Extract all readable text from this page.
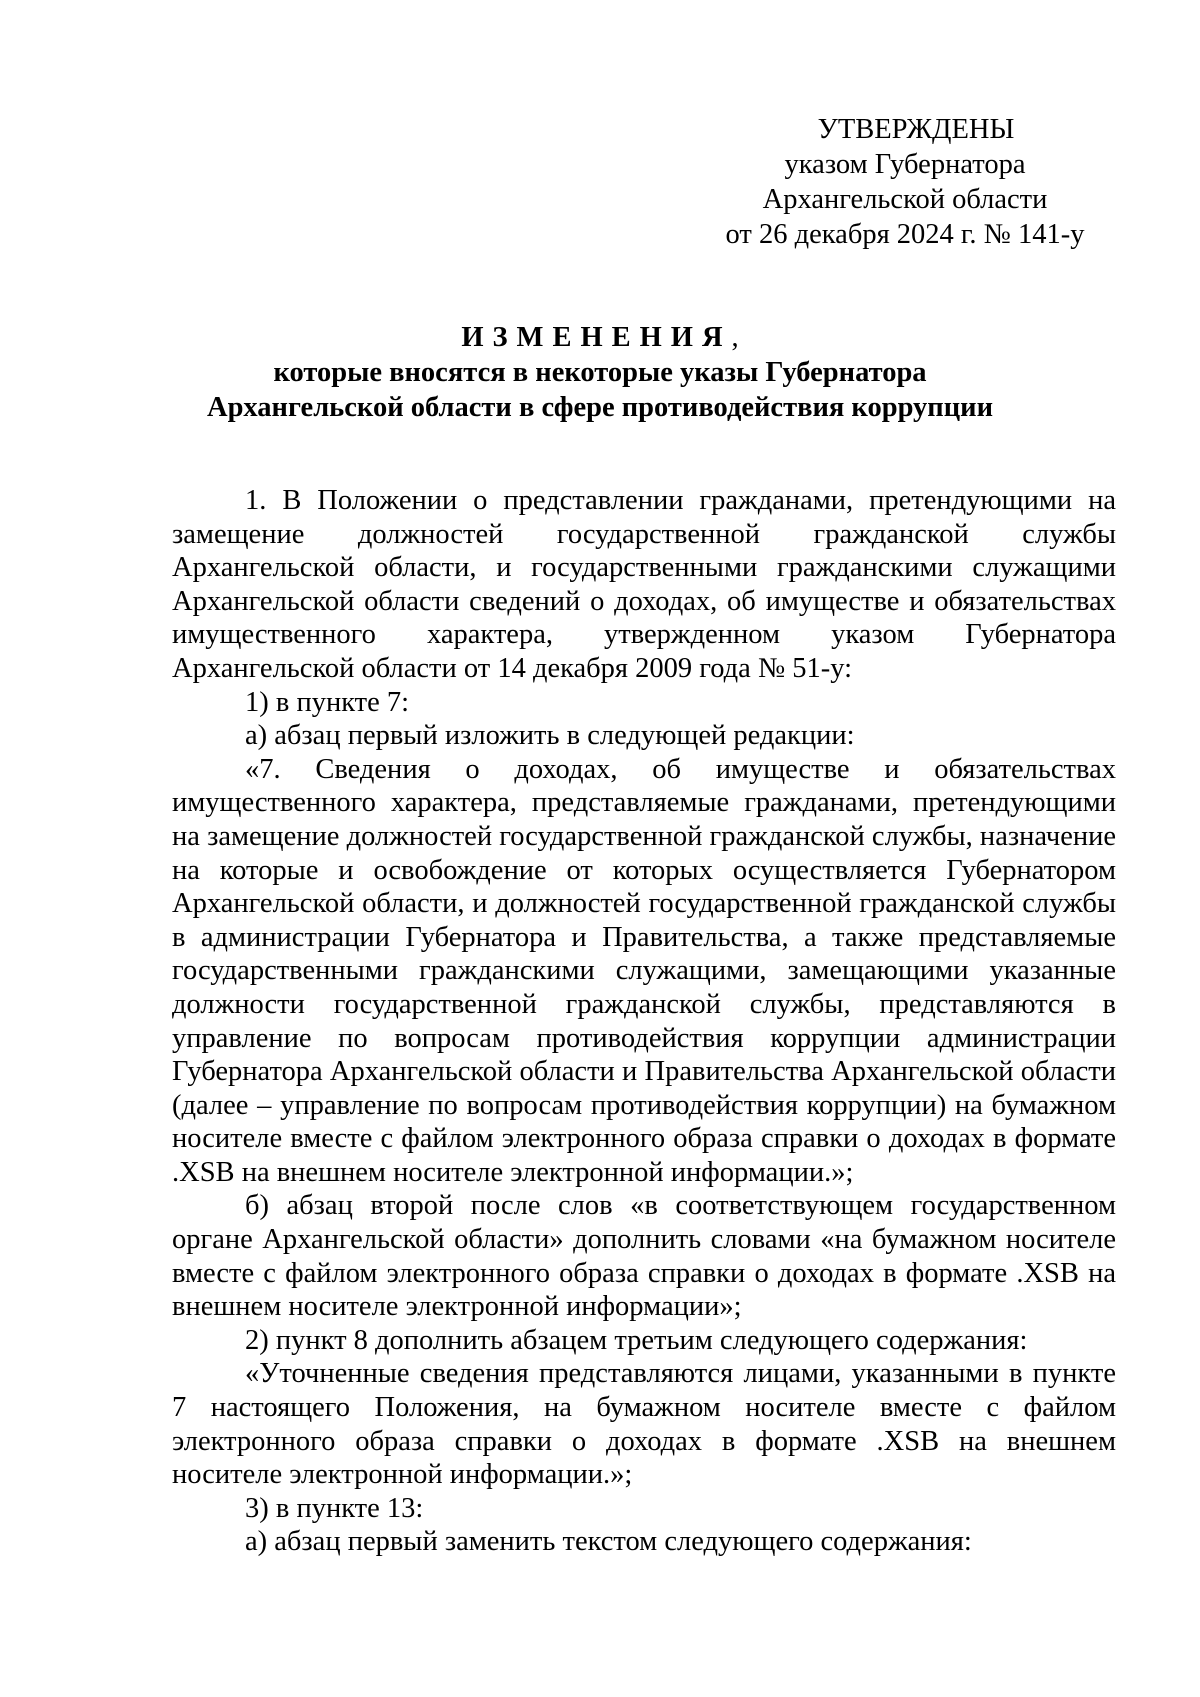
УТВЕРЖДЕНЫ
указом Губернатора
Архангельской области
от 26 декабря 2024 г. № 141-у
ИЗМЕНЕНИЯ,
которые вносятся в некоторые указы Губернатора
Архангельской области в сфере противодействия коррупции

1. В Положении о представлении гражданами, претендующими на замещение должностей государственной гражданской службы Архангельской области, и государственными гражданскими служащими Архангельской области сведений о доходах, об имуществе и обязательствах имущественного характера, утвержденном указом Губернатора Архангельской области от 14 декабря 2009 года № 51-у:

1) в пункте 7:

а) абзац первый изложить в следующей редакции:

«7. Сведения о доходах, об имуществе и обязательствах имущественного характера, представляемые гражданами, претендующими на замещение должностей государственной гражданской службы, назначение на которые и освобождение от которых осуществляется Губернатором Архангельской области, и должностей государственной гражданской службы в администрации Губернатора и Правительства, а также представляемые государственными гражданскими служащими, замещающими указанные должности государственной гражданской службы, представляются в управление по вопросам противодействия коррупции администрации Губернатора Архангельской области и Правительства Архангельской области (далее – управление по вопросам противодействия коррупции) на бумажном носителе вместе с файлом электронного образа справки о доходах в формате .XSB на внешнем носителе электронной информации.»;

б) абзац второй после слов «в соответствующем государственном органе Архангельской области» дополнить словами «на бумажном носителе вместе с файлом электронного образа справки о доходах в формате .XSB на внешнем носителе электронной информации»;

2) пункт 8 дополнить абзацем третьим следующего содержания:

«Уточненные сведения представляются лицами, указанными в пункте 7 настоящего Положения, на бумажном носителе вместе с файлом электронного образа справки о доходах в формате .XSB на внешнем носителе электронной информации.»;

3) в пункте 13:

а) абзац первый заменить текстом следующего содержания:
